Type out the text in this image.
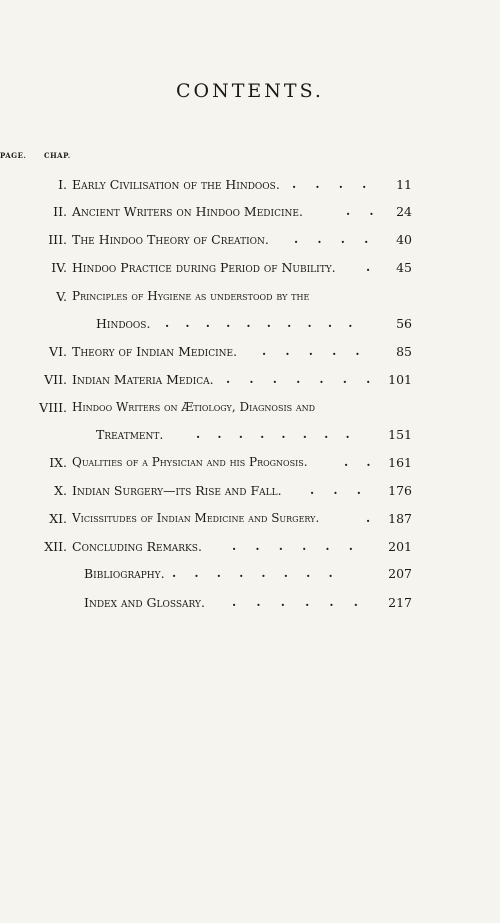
CONTENTS.
CHAP.
PAGE.
I. Early Civilisation of the Hindoos. . . . .	11
II. Ancient Writers on Hindoo Medicine.	. .	24
III. The Hindoo Theory of Creation. . . . .	40
IV. Hindoo Practice during Period of Nubility.	.	45
V. Principles of Hygiene as understood by the
Hindoos. . . . . . . . . . .	56
VI. Theory of Indian Medicine. . . . . .	85
VII. Indian Materia Medica. . . . . . . .	101
VIII. Hindoo Writers on Ætiology, Diagnosis and
Treatment.	. . . . . . . .	151
IX. Qualities of a Physician and his Prognosis.	. .	161
X. Indian Surgery—its Rise and Fall. . . .	176
XI. Vicissitudes of Indian Medicine and Surgery.	.	187
XII. Concluding Remarks.	. . . . . .	201
Bibliography. . . . . . . . .	207
Index and Glossary. . . . . . .	217
